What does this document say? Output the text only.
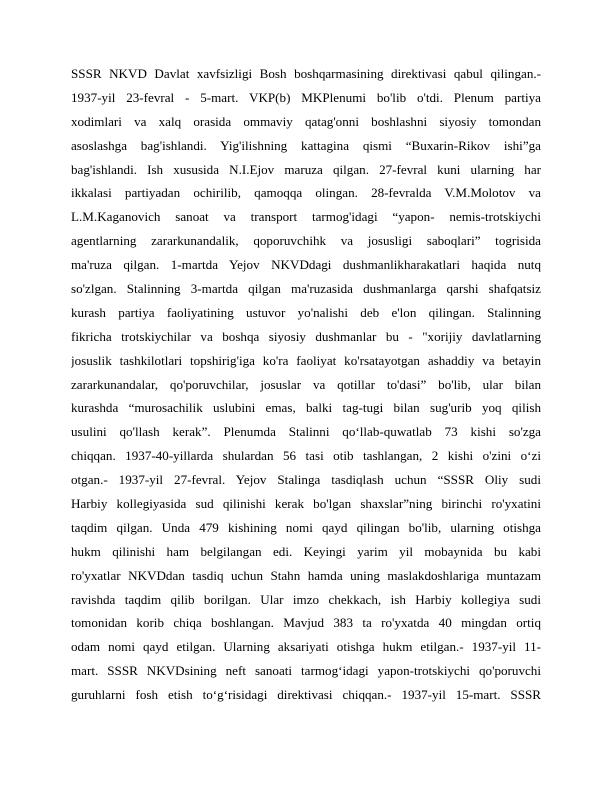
SSSR NKVD Davlat xavfsizligi Bosh boshqarmasining direktivasi qabul qilingan.-
1937-yil 23-fevral - 5-mart. VKP(b) MKPlenumi bo'lib o'tdi. Plenum partiya
xodimlari va xalq orasida ommaviy qatag'onni boshlashni siyosiy tomondan
asoslashga bag'ishlandi. Yig'ilishning kattagina qismi “Buxarin-Rikov ishi”ga
bag'ishlandi. Ish xususida N.I.Ejov maruza qilgan. 27-fevral kuni ularning har
ikkalasi partiyadan ochirilib, qamoqqa olingan. 28-fevralda V.M.Molotov va
L.M.Kaganovich sanoat va transport tarmog'idagi “yapon- nemis-trotskiychi
agentlarning zararkunandalik, qoporuvchihk va josusligi saboqlari” togrisida
ma'ruza qilgan. 1-martda Yejov NKVDdagi dushmanlikharakatlari haqida nutq
so'zlgan. Stalinning 3-martda qilgan ma'ruzasida dushmanlarga qarshi shafqatsiz
kurash partiya faoliyatining ustuvor yo'nalishi deb e'lon qilingan. Stalinning
fikricha trotskiychilar va boshqa siyosiy dushmanlar bu - "xorijiy davlatlarning
josuslik tashkilotlari topshirig'iga ko'ra faoliyat ko'rsatayotgan ashaddiy va betayin
zararkunandalar, qo'poruvchilar, josuslar va qotillar to'dasi” bo'lib, ular bilan
kurashda “murosachilik uslubini emas, balki tag-tugi bilan sug'urib yoq qilish
usulini qo'llash kerak”. Plenumda Stalinni qo‘llab-quwatlab 73 kishi so'zga
chiqqan. 1937-40-yillarda shulardan 56 tasi otib tashlangan, 2 kishi o'zini o‘zi
otgan.- 1937-yil 27-fevral. Yejov Stalinga tasdiqlash uchun “SSSR Oliy sudi
Harbiy kollegiyasida sud qilinishi kerak bo'lgan shaxslar”ning birinchi ro'yxatini
taqdim qilgan. Unda 479 kishining nomi qayd qilingan bo'lib, ularning otishga
hukm qilinishi ham belgilangan edi. Keyingi yarim yil mobaynida bu kabi
ro'yxatlar NKVDdan tasdiq uchun Stahn hamda uning maslakdoshlariga muntazam
ravishda taqdim qilib borilgan. Ular imzo chekkach, ish Harbiy kollegiya sudi
tomonidan korib chiqa boshlangan. Mavjud 383 ta ro'yxatda 40 mingdan ortiq
odam nomi qayd etilgan. Ularning aksariyati otishga hukm etilgan.- 1937-yil 11-
mart. SSSR NKVDsining neft sanoati tarmog‘idagi yapon-trotskiychi qo'poruvchi
guruhlarni fosh etish to‘g‘risidagi direktivasi chiqqan.- 1937-yil 15-mart. SSSR
